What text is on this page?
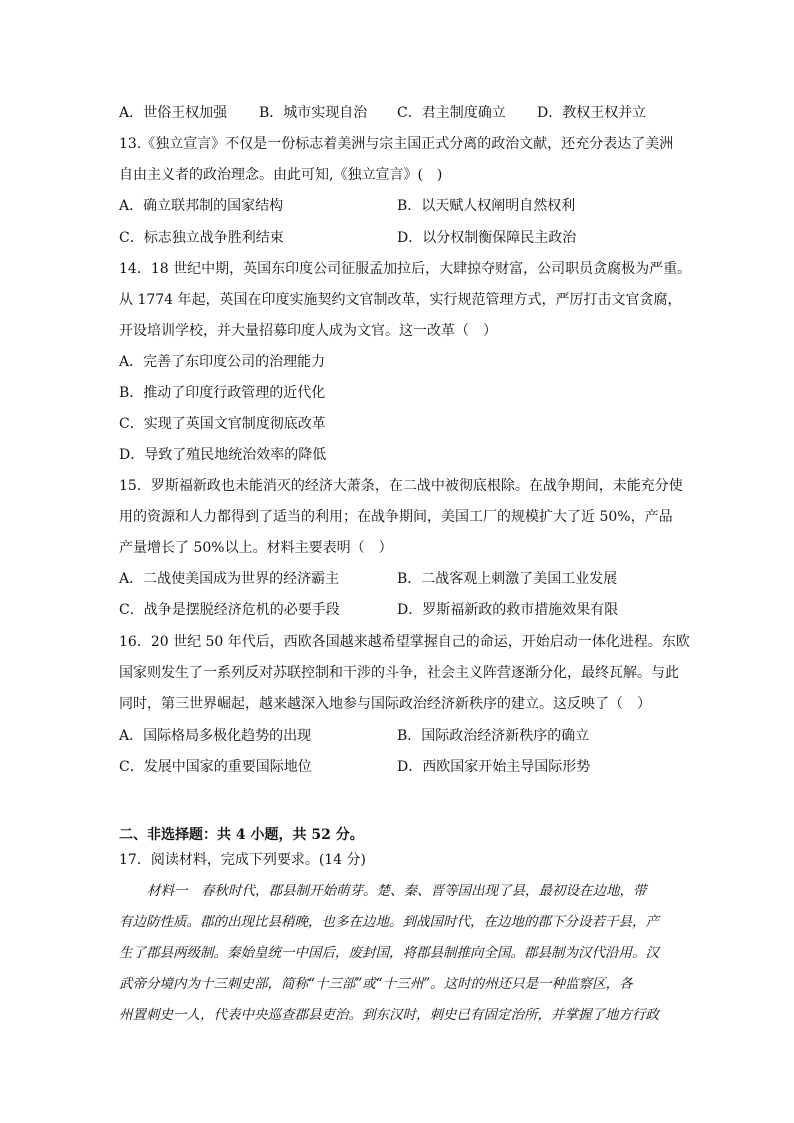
A．世俗王权加强 B．城市实现自治 C．君主制度确立 D．教权王权并立
13.《独立宣言》不仅是一份标志着美洲与宗主国正式分离的政治文献，还充分表达了美洲
自由主义者的政治理念。由此可知,《独立宣言》(　)
A．确立联邦制的国家结构	B．以天赋人权阐明自然权利
C．标志独立战争胜利结束	D．以分权制衡保障民主政治
14．18 世纪中期，英国东印度公司征服孟加拉后，大肆掠夺财富，公司职员贪腐极为严重。
从 1774 年起，英国在印度实施契约文官制改革，实行规范管理方式，严厉打击文官贪腐，
开设培训学校，并大量招募印度人成为文官。这一改革（　）
A．完善了东印度公司的治理能力
B．推动了印度行政管理的近代化
C．实现了英国文官制度彻底改革
D．导致了殖民地统治效率的降低
15．罗斯福新政也未能消灭的经济大萧条，在二战中被彻底根除。在战争期间，未能充分使
用的资源和人力都得到了适当的利用；在战争期间，美国工厂的规模扩大了近 50%，产品
产量增长了 50%以上。材料主要表明（　）
A．二战使美国成为世界的经济霸主	B．二战客观上刺激了美国工业发展
C．战争是摆脱经济危机的必要手段	D．罗斯福新政的救市措施效果有限
16．20 世纪 50 年代后，西欧各国越来越希望掌握自己的命运，开始启动一体化进程。东欧
国家则发生了一系列反对苏联控制和干涉的斗争，社会主义阵营逐渐分化，最终瓦解。与此
同时，第三世界崛起，越来越深入地参与国际政治经济新秩序的建立。这反映了（　）
A．国际格局多极化趋势的出现	B．国际政治经济新秩序的确立
C．发展中国家的重要国际地位	D．西欧国家开始主导国际形势
二、非选择题：共 4 小题，共 52 分。
17．阅读材料，完成下列要求。(14 分)
材料一　春秋时代，郡县制开始萌芽。楚、秦、晋等国出现了县，最初设在边地，带
有边防性质。郡的出现比县稍晚，也多在边地。到战国时代，在边地的郡下分设若干县，产
生了郡县两级制。秦始皇统一中国后，废封国，将郡县制推向全国。郡县制为汉代沿用。汉
武帝分境内为十三刺史部，简称“十三部”或“十三州”。这时的州还只是一种监察区，各
州置刺史一人，代表中央巡查郡县吏治。到东汉时，刺史已有固定治所，并掌握了地方行政
